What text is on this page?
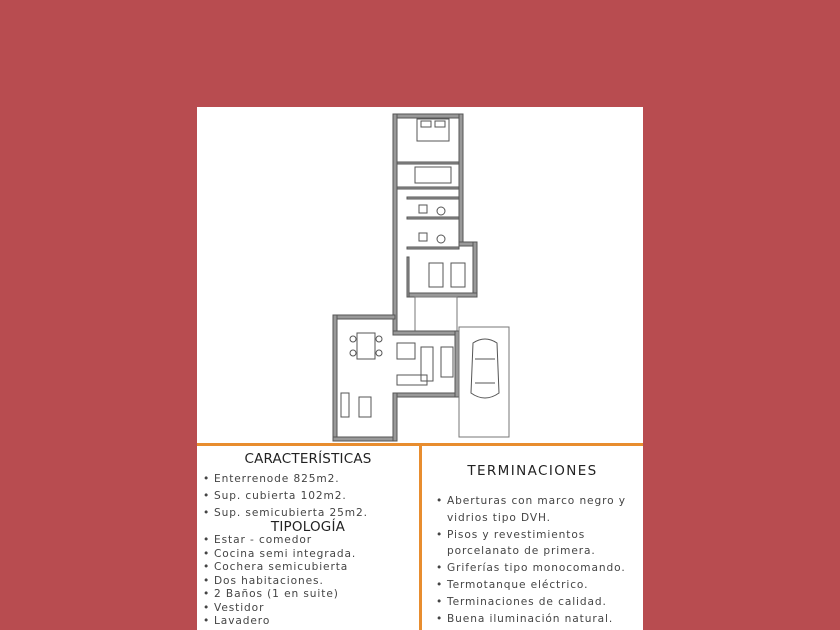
CARACTERÍSTICAS
• Enterrenode 825m2.
• Sup. cubierta 102m2.
• Sup. semicubierta 25m2.
TIPOLOGÍA
• Estar - comedor
• Cocina semi integrada.
• Cochera semicubierta
• Dos habitaciones.
• 2 Baños (1 en suite)
• Vestidor
• Lavadero
TERMINACIONES
• Aberturas con marco negro y
vidrios tipo DVH.
• Pisos y revestimientos
porcelanato de primera.
• Griferías tipo monocomando.
• Termotanque eléctrico.
• Terminaciones de calidad.
• Buena iluminación natural.
